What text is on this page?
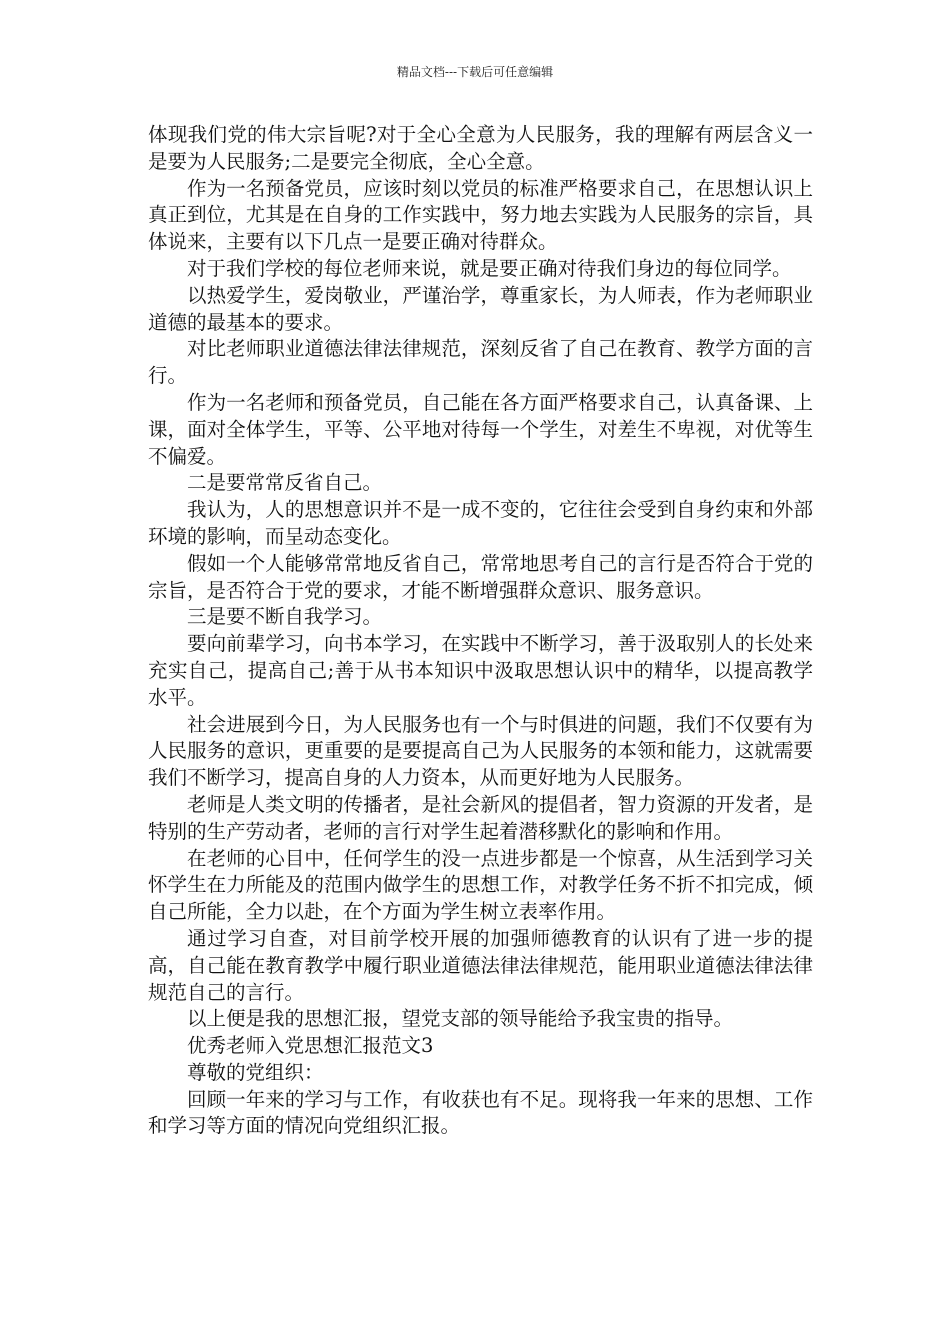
精品文档---下载后可任意编辑

体现我们党的伟大宗旨呢?对于全心全意为人民服务，我的理解有两层含义一是要为人民服务;二是要完全彻底，全心全意。

作为一名预备党员，应该时刻以党员的标准严格要求自己，在思想认识上真正到位，尤其是在自身的工作实践中，努力地去实践为人民服务的宗旨，具体说来，主要有以下几点一是要正确对待群众。

对于我们学校的每位老师来说，就是要正确对待我们身边的每位同学。

以热爱学生，爱岗敬业，严谨治学，尊重家长，为人师表，作为老师职业道德的最基本的要求。

对比老师职业道德法律法律规范，深刻反省了自己在教育、教学方面的言行。

作为一名老师和预备党员，自己能在各方面严格要求自己，认真备课、上课，面对全体学生，平等、公平地对待每一个学生，对差生不卑视，对优等生不偏爱。

二是要常常反省自己。

我认为，人的思想意识并不是一成不变的，它往往会受到自身约束和外部环境的影响，而呈动态变化。

假如一个人能够常常地反省自己，常常地思考自己的言行是否符合于党的宗旨，是否符合于党的要求，才能不断增强群众意识、服务意识。

三是要不断自我学习。

要向前辈学习，向书本学习，在实践中不断学习，善于汲取别人的长处来充实自己，提高自己;善于从书本知识中汲取思想认识中的精华，以提高教学水平。

社会进展到今日，为人民服务也有一个与时俱进的问题，我们不仅要有为人民服务的意识，更重要的是要提高自己为人民服务的本领和能力，这就需要我们不断学习，提高自身的人力资本，从而更好地为人民服务。

老师是人类文明的传播者，是社会新风的提倡者，智力资源的开发者，是特别的生产劳动者，老师的言行对学生起着潜移默化的影响和作用。

在老师的心目中，任何学生的没一点进步都是一个惊喜，从生活到学习关怀学生在力所能及的范围内做学生的思想工作，对教学任务不折不扣完成，倾自己所能，全力以赴，在个方面为学生树立表率作用。

通过学习自查，对目前学校开展的加强师德教育的认识有了进一步的提高，自己能在教育教学中履行职业道德法律法律规范，能用职业道德法律法律规范自己的言行。

以上便是我的思想汇报，望党支部的领导能给予我宝贵的指导。

优秀老师入党思想汇报范文3

尊敬的党组织：

回顾一年来的学习与工作，有收获也有不足。现将我一年来的思想、工作和学习等方面的情况向党组织汇报。
